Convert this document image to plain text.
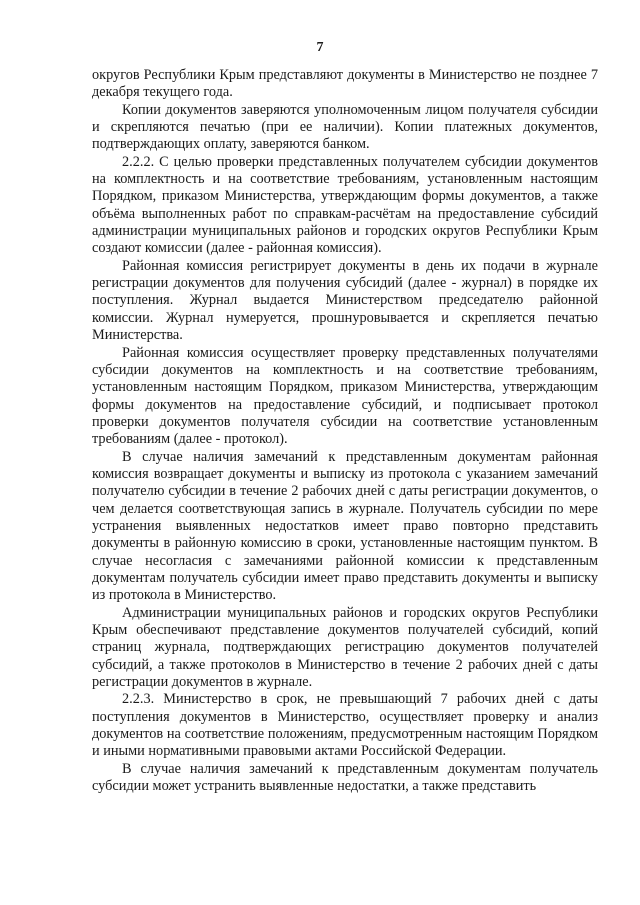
7

округов Республики Крым представляют документы в Министерство не позднее 7 декабря текущего года.

Копии документов заверяются уполномоченным лицом получателя субсидии и скрепляются печатью (при ее наличии). Копии платежных документов, подтверждающих оплату, заверяются банком.

2.2.2. С целью проверки представленных получателем субсидии документов на комплектность и на соответствие требованиям, установленным настоящим Порядком, приказом Министерства, утверждающим формы документов, а также объёма выполненных работ по справкам-расчётам на предоставление субсидий администрации муниципальных районов и городских округов Республики Крым создают комиссии (далее - районная комиссия).

Районная комиссия регистрирует документы в день их подачи в журнале регистрации документов для получения субсидий (далее - журнал) в порядке их поступления. Журнал выдается Министерством председателю районной комиссии. Журнал нумеруется, прошнуровывается и скрепляется печатью Министерства.

Районная комиссия осуществляет проверку представленных получателями субсидии документов на комплектность и на соответствие требованиям, установленным настоящим Порядком, приказом Министерства, утверждающим формы документов на предоставление субсидий, и подписывает протокол проверки документов получателя субсидии на соответствие установленным требованиям (далее - протокол).

В случае наличия замечаний к представленным документам районная комиссия возвращает документы и выписку из протокола с указанием замечаний получателю субсидии в течение 2 рабочих дней с даты регистрации документов, о чем делается соответствующая запись в журнале. Получатель субсидии по мере устранения выявленных недостатков имеет право повторно представить документы в районную комиссию в сроки, установленные настоящим пунктом. В случае несогласия с замечаниями районной комиссии к представленным документам получатель субсидии имеет право представить документы и выписку из протокола в Министерство.

Администрации муниципальных районов и городских округов Республики Крым обеспечивают представление документов получателей субсидий, копий страниц журнала, подтверждающих регистрацию документов получателей субсидий, а также протоколов в Министерство в течение 2 рабочих дней с даты регистрации документов в журнале.

2.2.3. Министерство в срок, не превышающий 7 рабочих дней с даты поступления документов в Министерство, осуществляет проверку и анализ документов на соответствие положениям, предусмотренным настоящим Порядком и иными нормативными правовыми актами Российской Федерации.

В случае наличия замечаний к представленным документам получатель субсидии может устранить выявленные недостатки, а также представить
